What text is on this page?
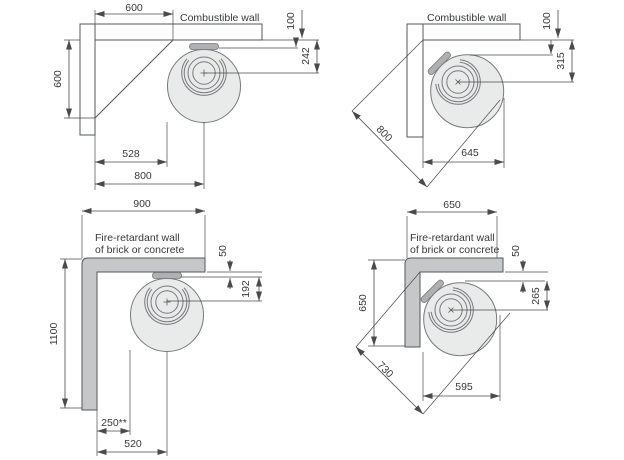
Combustible wall
600
600
100
242
528
800
Combustible wall
800
645
100
315
Fire-retardant wall
of brick or concrete
900
1100
50
192
250**
520
Fire-retardant wall
of brick or concrete
650
650
730
595
50
265
